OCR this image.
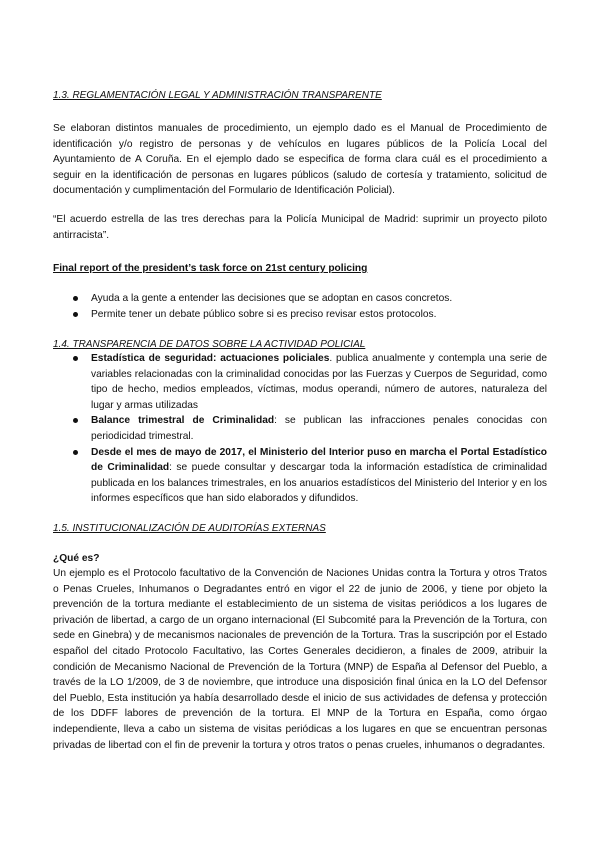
1.3. REGLAMENTACIÓN LEGAL Y ADMINISTRACIÓN TRANSPARENTE
Se elaboran distintos manuales de procedimiento, un ejemplo dado es el Manual de Procedimiento de identificación y/o registro de personas y de vehículos en lugares públicos de la Policía Local del Ayuntamiento de A Coruña. En el ejemplo dado se especifica de forma clara cuál es el procedimiento a seguir en la identificación de personas en lugares públicos (saludo de cortesía y tratamiento, solicitud de documentación y cumplimentación del Formulario de Identificación Policial).
“El acuerdo estrella de las tres derechas para la Policía Municipal de Madrid: suprimir un proyecto piloto antirracista”.
Final report of the president’s task force on 21st century policing
Ayuda a la gente a entender las decisiones que se adoptan en casos concretos.
Permite tener un debate público sobre si es preciso revisar estos protocolos.
1.4. TRANSPARENCIA DE DATOS SOBRE LA ACTIVIDAD POLICIAL
Estadística de seguridad: actuaciones policiales. publica anualmente y contempla una serie de variables relacionadas con la criminalidad conocidas por las Fuerzas y Cuerpos de Seguridad, como tipo de hecho, medios empleados, víctimas, modus operandi, número de autores, naturaleza del lugar y armas utilizadas
Balance trimestral de Criminalidad: se publican las infracciones penales conocidas con periodicidad trimestral.
Desde el mes de mayo de 2017, el Ministerio del Interior puso en marcha el Portal Estadístico de Criminalidad: se puede consultar y descargar toda la información estadística de criminalidad publicada en los balances trimestrales, en los anuarios estadísticos del Ministerio del Interior y en los informes específicos que han sido elaborados y difundidos.
1.5. INSTITUCIONALIZACIÓN DE AUDITORÍAS EXTERNAS
¿Qué es?
Un ejemplo es el Protocolo facultativo de la Convención de Naciones Unidas contra la Tortura y otros Tratos o Penas Crueles, Inhumanos o Degradantes entró en vigor el 22 de junio de 2006, y tiene por objeto la prevención de la tortura mediante el establecimiento de un sistema de visitas periódicos a los lugares de privación de libertad, a cargo de un organo internacional (El Subcomité para la Prevención de la Tortura, con sede en Ginebra) y de mecanismos nacionales de prevención de la Tortura. Tras la suscripción por el Estado español del citado Protocolo Facultativo, las Cortes Generales decidieron, a finales de 2009, atribuir la condición de Mecanismo Nacional de Prevención de la Tortura (MNP) de España al Defensor del Pueblo, a través de la LO 1/2009, de 3 de noviembre, que introduce una disposición final única en la LO del Defensor del Pueblo, Esta institución ya había desarrollado desde el inicio de sus actividades de defensa y protección de los DDFF labores de prevención de la tortura. El MNP de la Tortura en España, como órgao independiente, lleva a cabo un sistema de visitas periódicas a los lugares en que se encuentran personas privadas de libertad con el fin de prevenir la tortura y otros tratos o penas crueles, inhumanos o degradantes.
